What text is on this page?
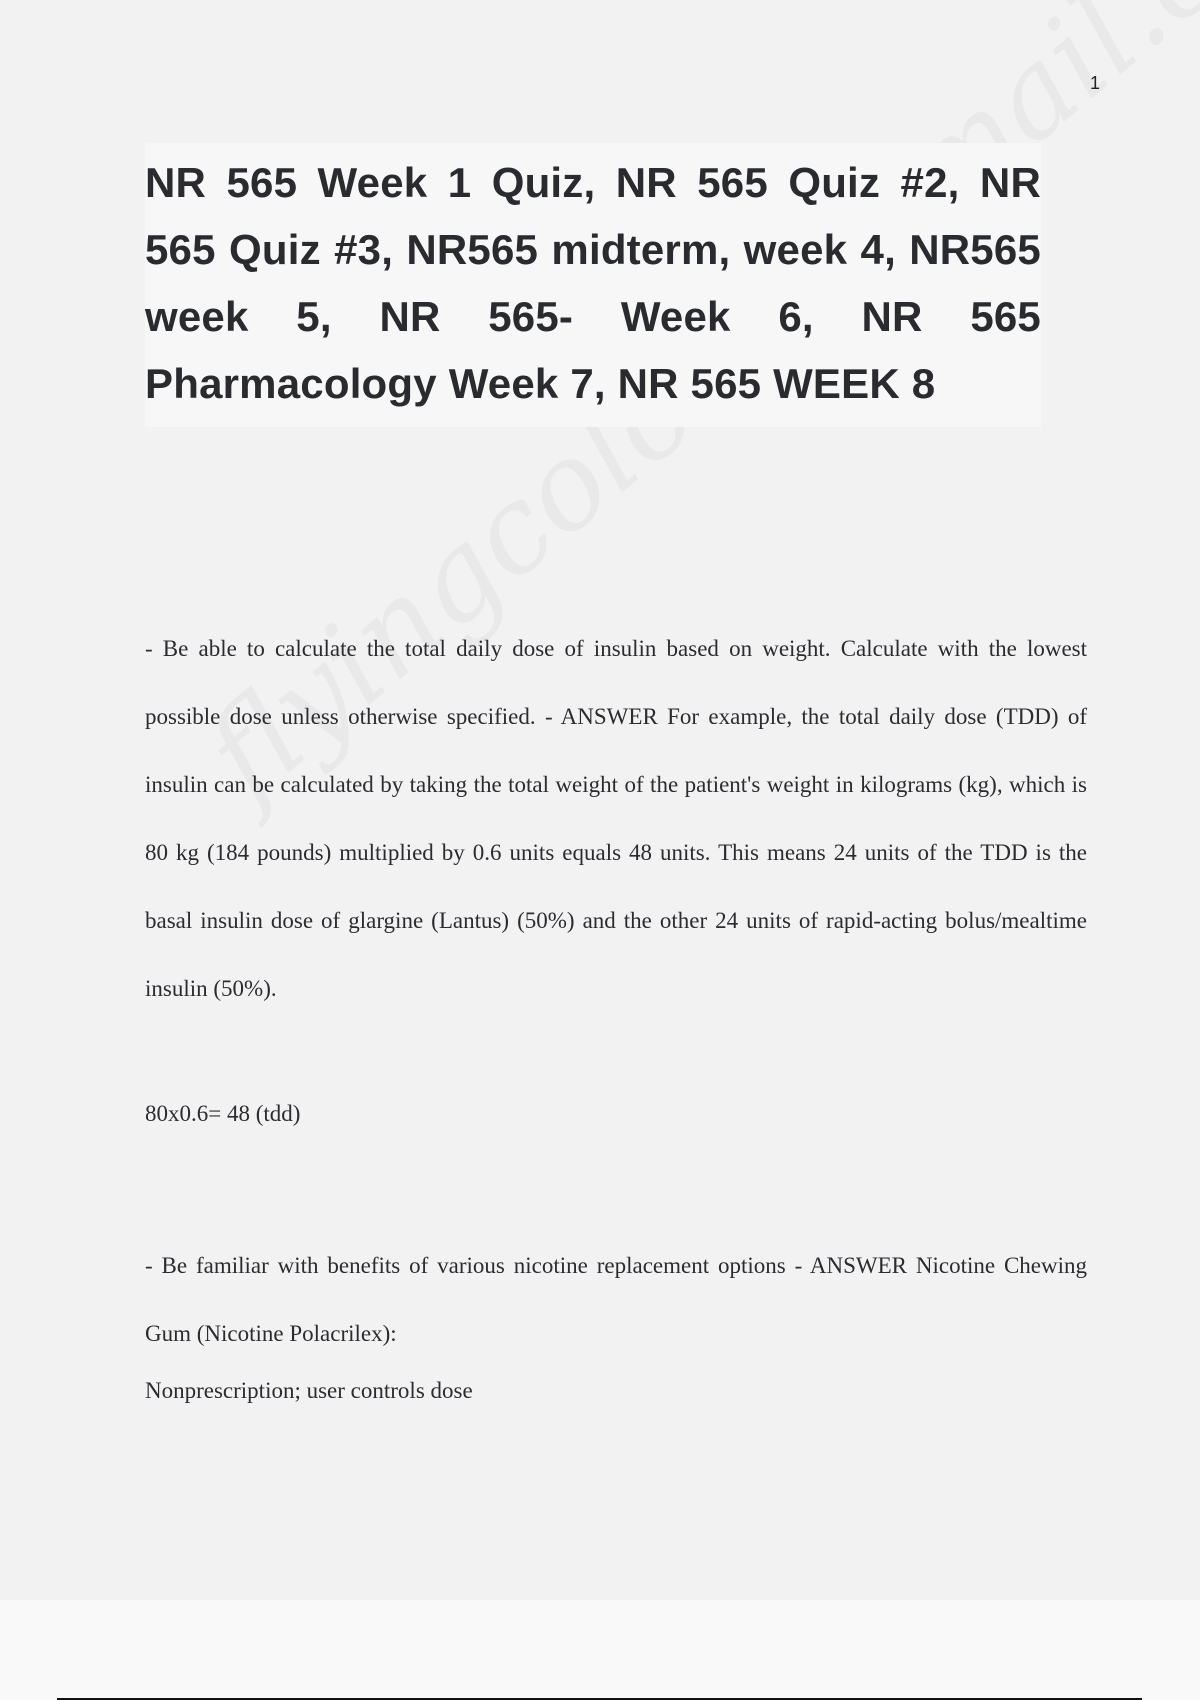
1
NR 565 Week 1 Quiz, NR 565 Quiz #2, NR 565 Quiz #3, NR565 midterm, week 4, NR565 week 5, NR 565- Week 6, NR 565 Pharmacology Week 7, NR 565 WEEK 8

- Be able to calculate the total daily dose of insulin based on weight. Calculate with the lowest possible dose unless otherwise specified. - ANSWER For example, the total daily dose (TDD) of insulin can be calculated by taking the total weight of the patient's weight in kilograms (kg), which is 80 kg (184 pounds) multiplied by 0.6 units equals 48 units. This means 24 units of the TDD is the basal insulin dose of glargine (Lantus) (50%) and the other 24 units of rapid-acting bolus/mealtime insulin (50%).

80x0.6= 48 (tdd)

- Be familiar with benefits of various nicotine replacement options - ANSWER Nicotine Chewing Gum (Nicotine Polacrilex):

Nonprescription; user controls dose
